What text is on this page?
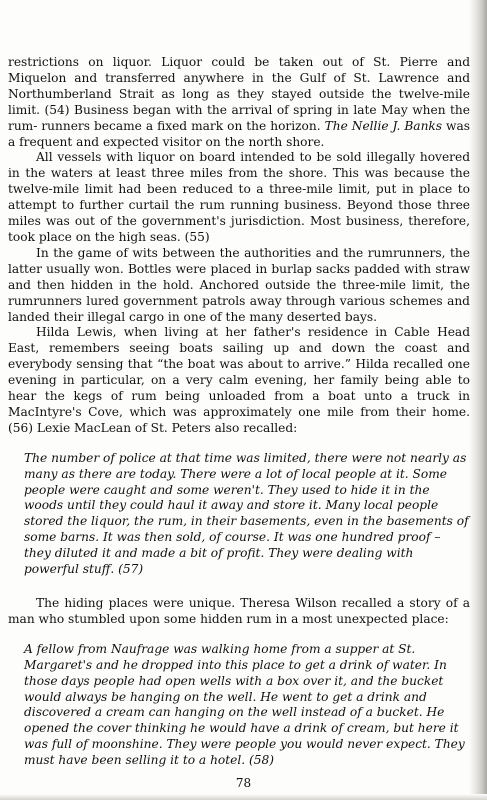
restrictions on liquor. Liquor could be taken out of St. Pierre and Miquelon and transferred anywhere in the Gulf of St. Lawrence and Northumberland Strait as long as they stayed outside the twelve-mile limit. (54) Business began with the arrival of spring in late May when the rum- runners became a fixed mark on the horizon. The Nellie J. Banks was a frequent and expected visitor on the north shore.

All vessels with liquor on board intended to be sold illegally hovered in the waters at least three miles from the shore. This was because the twelve-mile limit had been reduced to a three-mile limit, put in place to attempt to further curtail the rum running business. Beyond those three miles was out of the government's jurisdiction. Most business, therefore, took place on the high seas. (55)

In the game of wits between the authorities and the rumrunners, the latter usually won. Bottles were placed in burlap sacks padded with straw and then hidden in the hold. Anchored outside the three-mile limit, the rumrunners lured government patrols away through various schemes and landed their illegal cargo in one of the many deserted bays.

Hilda Lewis, when living at her father's residence in Cable Head East, remembers seeing boats sailing up and down the coast and everybody sensing that “the boat was about to arrive.” Hilda recalled one evening in particular, on a very calm evening, her family being able to hear the kegs of rum being unloaded from a boat unto a truck in MacIntyre's Cove, which was approximately one mile from their home. (56) Lexie MacLean of St. Peters also recalled:

The number of police at that time was limited, there were not nearly as many as there are today. There were a lot of local people at it. Some people were caught and some weren't. They used to hide it in the woods until they could haul it away and store it. Many local people stored the liquor, the rum, in their basements, even in the basements of some barns. It was then sold, of course. It was one hundred proof – they diluted it and made a bit of profit. They were dealing with powerful stuff. (57)

The hiding places were unique. Theresa Wilson recalled a story of a man who stumbled upon some hidden rum in a most unexpected place:

A fellow from Naufrage was walking home from a supper at St. Margaret's and he dropped into this place to get a drink of water. In those days people had open wells with a box over it, and the bucket would always be hanging on the well. He went to get a drink and discovered a cream can hanging on the well instead of a bucket. He opened the cover thinking he would have a drink of cream, but here it was full of moonshine. They were people you would never expect. They must have been selling it to a hotel. (58)

78
